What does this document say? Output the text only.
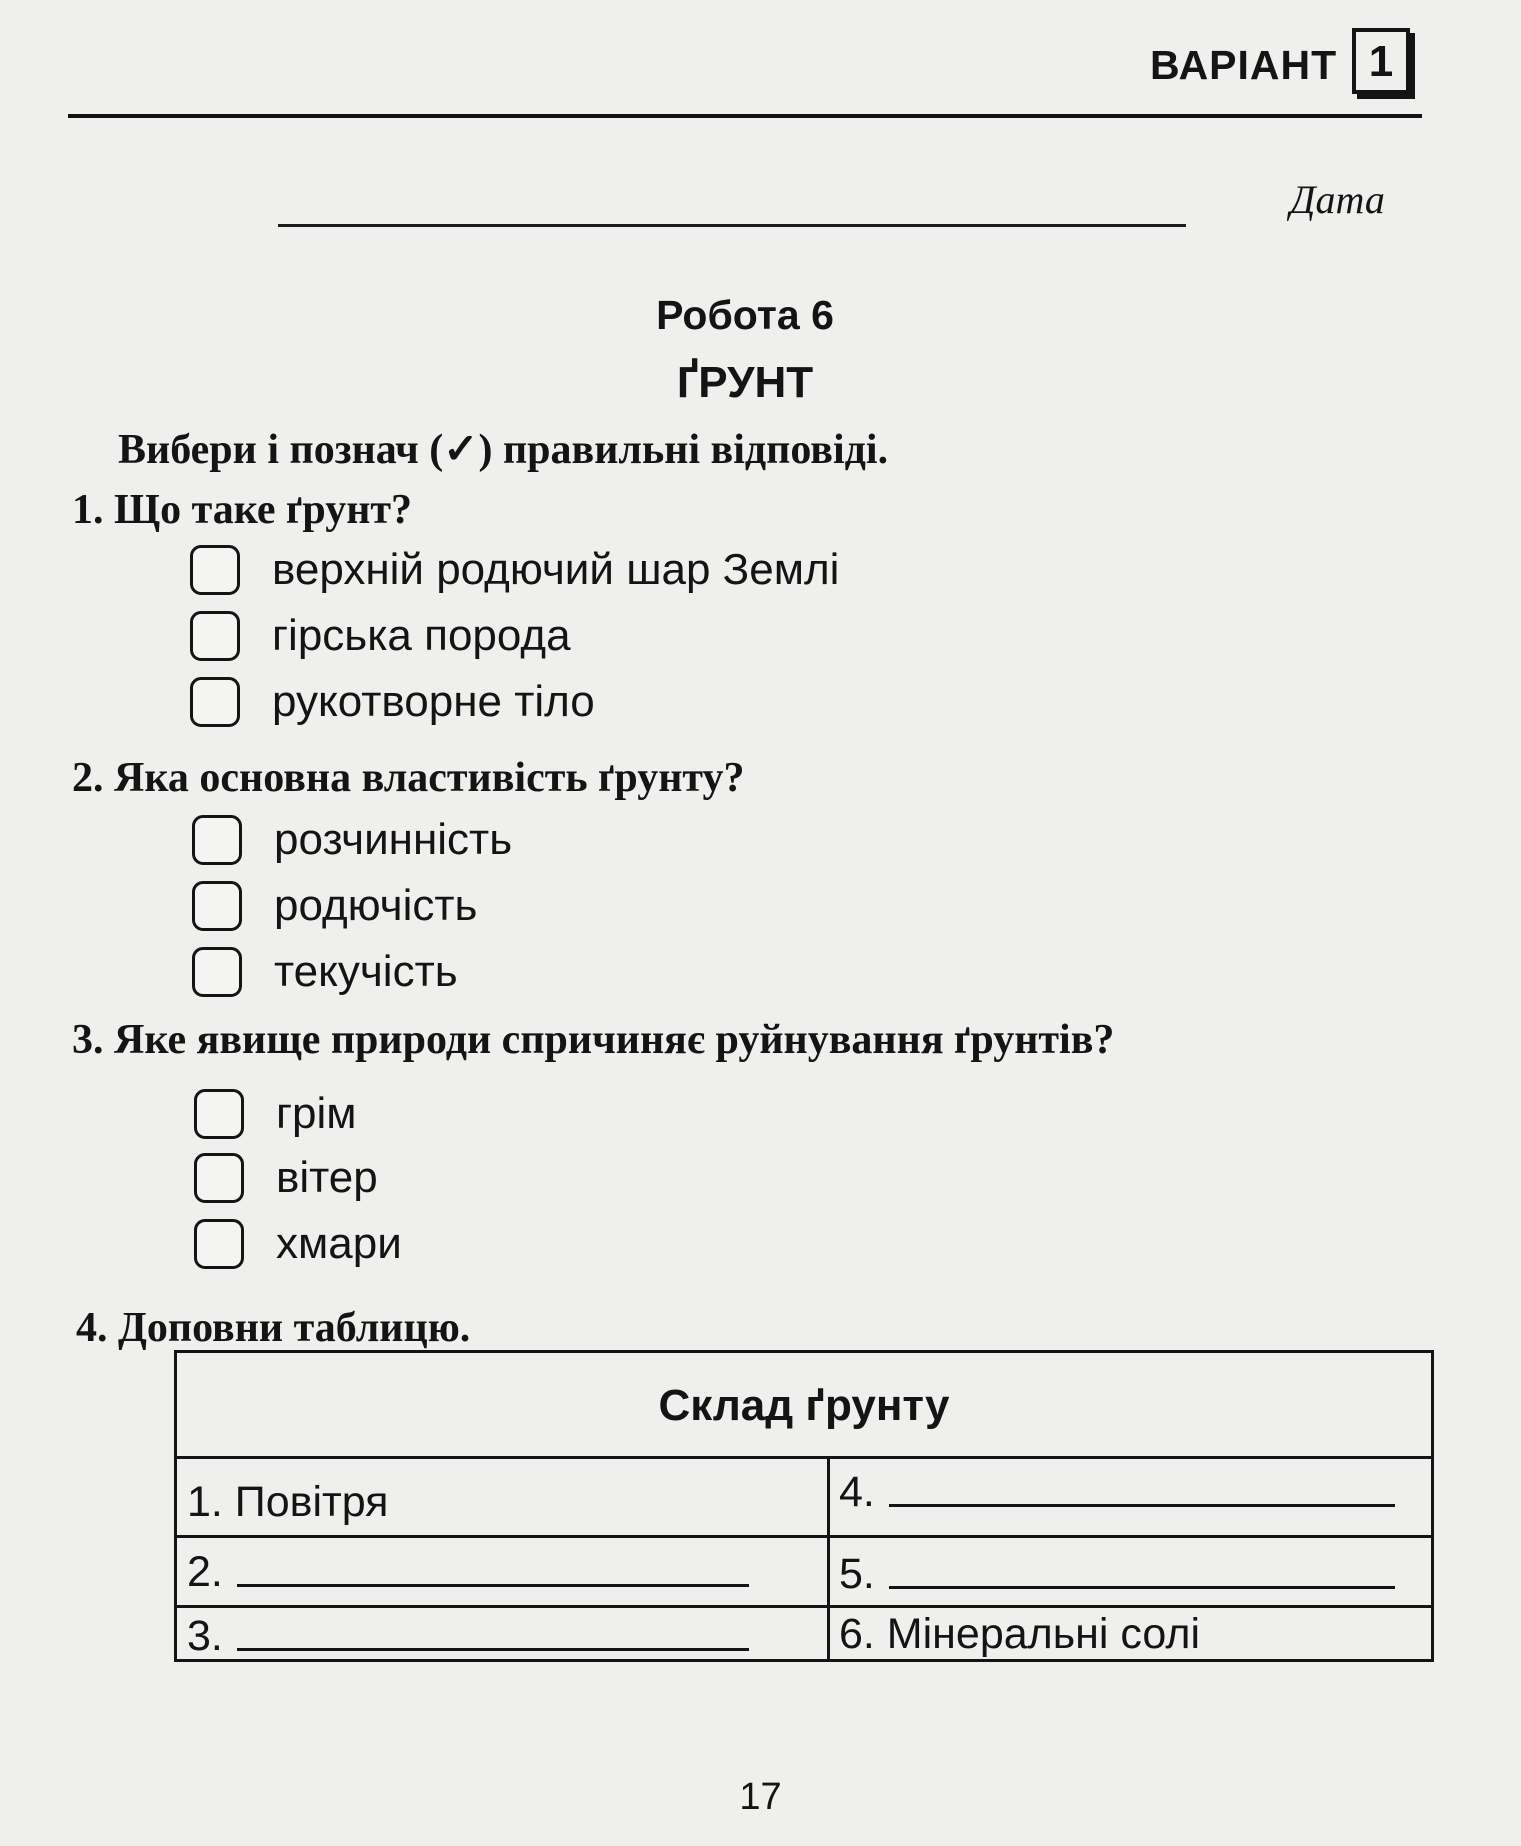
ВАРІАНТ 1
Дата
Робота 6
ҐРУНТ
Вибери і познач (✓) правильні відповіді.
1. Що таке ґрунт?
верхній родючий шар Землі
гірська порода
рукотворне тіло
2. Яка основна властивість ґрунту?
розчинність
родючість
текучість
3. Яке явище природи спричиняє руйнування ґрунтів?
грім
вітер
хмари
4. Доповни таблицю.
Склад ґрунту
1. Повітря
2.
3.
4.
5.
6. Мінеральні солі
17
